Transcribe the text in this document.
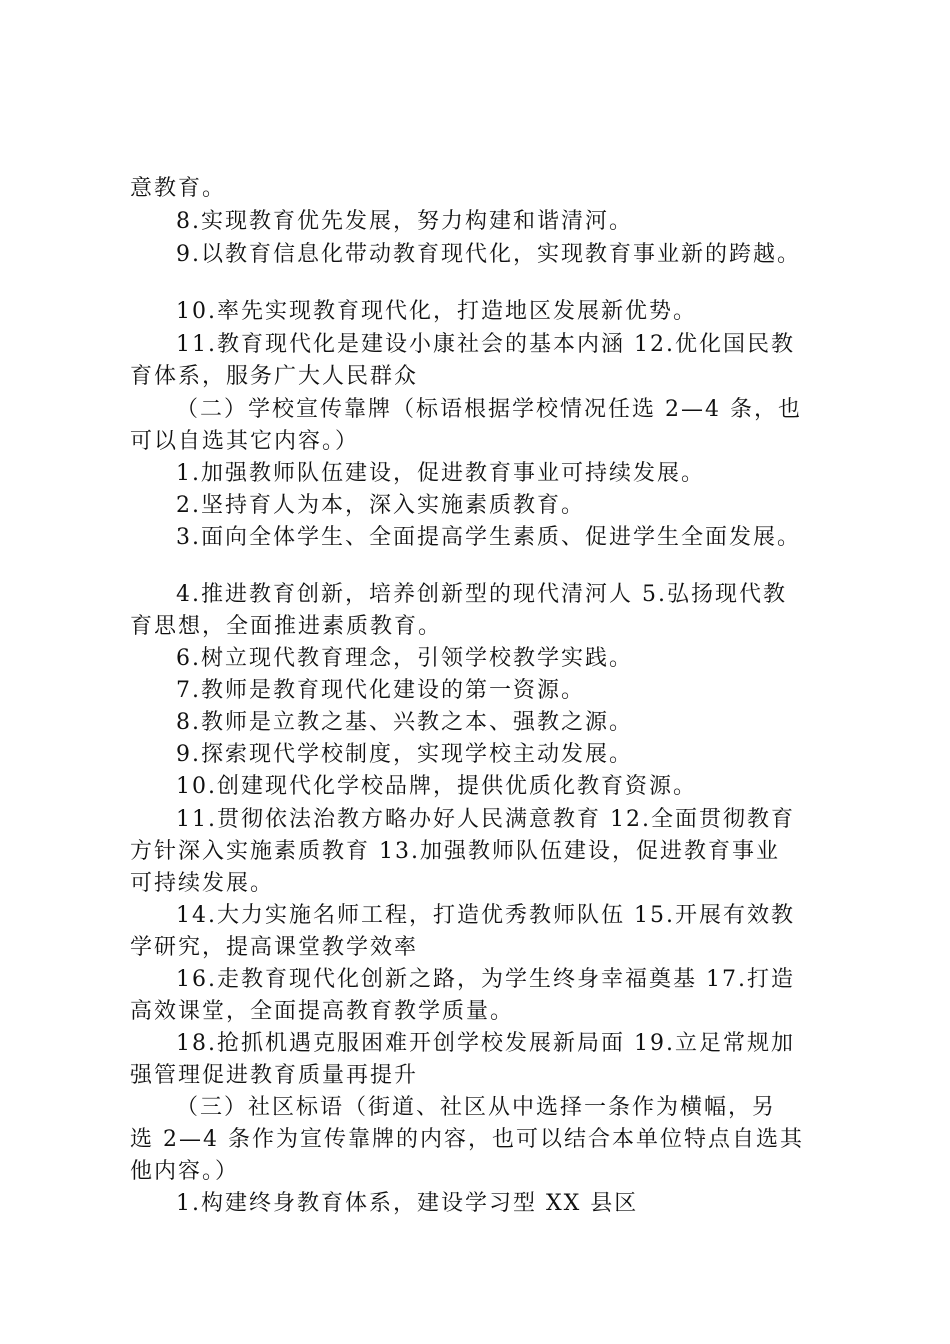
意教育。
8.实现教育优先发展，努力构建和谐清河。
9.以教育信息化带动教育现代化，实现教育事业新的跨越。
10.率先实现教育现代化，打造地区发展新优势。
11.教育现代化是建设小康社会的基本内涵 12.优化国民教
育体系，服务广大人民群众
（二）学校宣传靠牌（标语根据学校情况任选 2—4 条，也
可以自选其它内容。）
1.加强教师队伍建设，促进教育事业可持续发展。
2.坚持育人为本，深入实施素质教育。
3.面向全体学生、全面提高学生素质、促进学生全面发展。
4.推进教育创新，培养创新型的现代清河人 5.弘扬现代教
育思想，全面推进素质教育。
6.树立现代教育理念，引领学校教学实践。
7.教师是教育现代化建设的第一资源。
8.教师是立教之基、兴教之本、强教之源。
9.探索现代学校制度，实现学校主动发展。
10.创建现代化学校品牌，提供优质化教育资源。
11.贯彻依法治教方略办好人民满意教育 12.全面贯彻教育
方针深入实施素质教育 13.加强教师队伍建设，促进教育事业
可持续发展。
14.大力实施名师工程，打造优秀教师队伍 15.开展有效教
学研究，提高课堂教学效率
16.走教育现代化创新之路，为学生终身幸福奠基 17.打造
高效课堂，全面提高教育教学质量。
18.抢抓机遇克服困难开创学校发展新局面 19.立足常规加
强管理促进教育质量再提升
（三）社区标语（街道、社区从中选择一条作为横幅，另
选 2—4 条作为宣传靠牌的内容，也可以结合本单位特点自选其
他内容。）
1.构建终身教育体系，建设学习型 XX 县区
